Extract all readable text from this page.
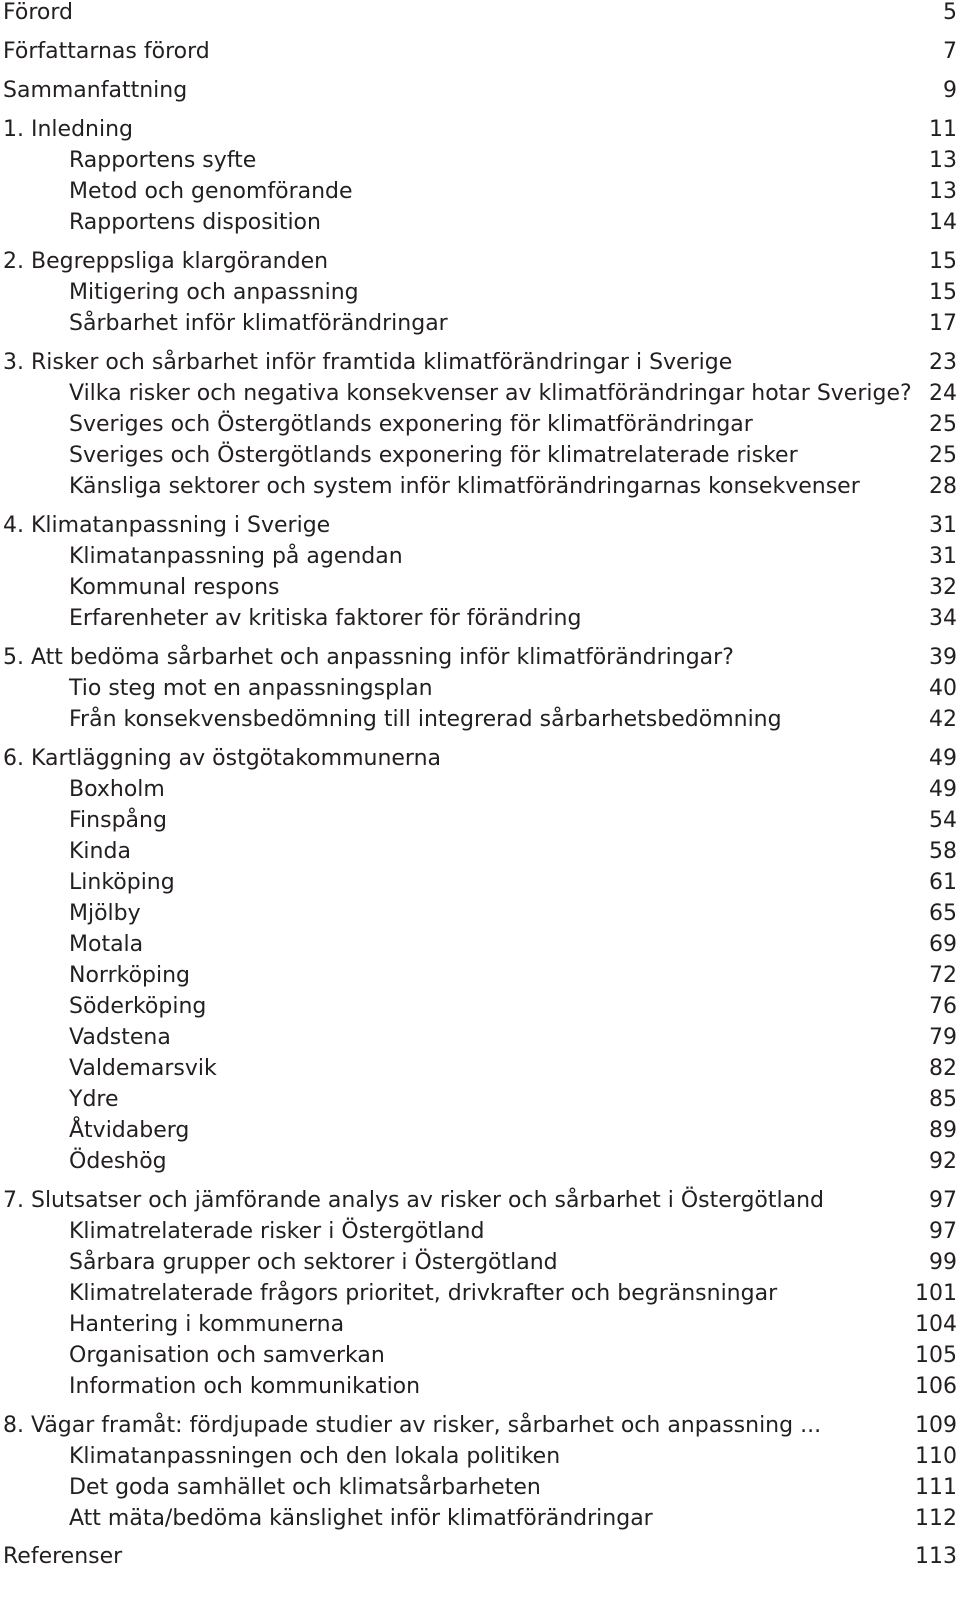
Förord	5
Författarnas förord	7
Sammanfattning	9
1. Inledning	11
Rapportens syfte	13
Metod och genomförande	13
Rapportens disposition	14
2. Begreppsliga klargöranden	15
Mitigering och anpassning	15
Sårbarhet inför klimatförändringar	17
3. Risker och sårbarhet inför framtida klimatförändringar i Sverige	23
Vilka risker och negativa konsekvenser av klimatförändringar hotar Sverige? 24
Sveriges och Östergötlands exponering för klimatförändringar	25
Sveriges och Östergötlands exponering för klimatrelaterade risker	25
Känsliga sektorer och system inför klimatförändringarnas konsekvenser	28
4. Klimatanpassning i Sverige	31
Klimatanpassning på agendan	31
Kommunal respons	32
Erfarenheter av kritiska faktorer för förändring	34
5. Att bedöma sårbarhet och anpassning inför klimatförändringar?	39
Tio steg mot en anpassningsplan	40
Från konsekvensbedömning till integrerad sårbarhetsbedömning	42
6. Kartläggning av östgötakommunerna	49
Boxholm	49
Finspång	54
Kinda	58
Linköping	61
Mjölby	65
Motala	69
Norrköping	72
Söderköping	76
Vadstena	79
Valdemarsvik	82
Ydre	85
Åtvidaberg	89
Ödeshög	92
7. Slutsatser och jämförande analys av risker och sårbarhet i Östergötland	97
Klimatrelaterade risker i Östergötland	97
Sårbara grupper och sektorer i Östergötland	99
Klimatrelaterade frågors prioritet, drivkrafter och begränsningar	101
Hantering i kommunerna	104
Organisation och samverkan	105
Information och kommunikation	106
8. Vägar framåt: fördjupade studier av risker, sårbarhet och anpassning ...	109
Klimatanpassningen och den lokala politiken	110
Det goda samhället och klimatsårbarheten	111
Att mäta/bedöma känslighet inför klimatförändringar	112
Referenser	113
